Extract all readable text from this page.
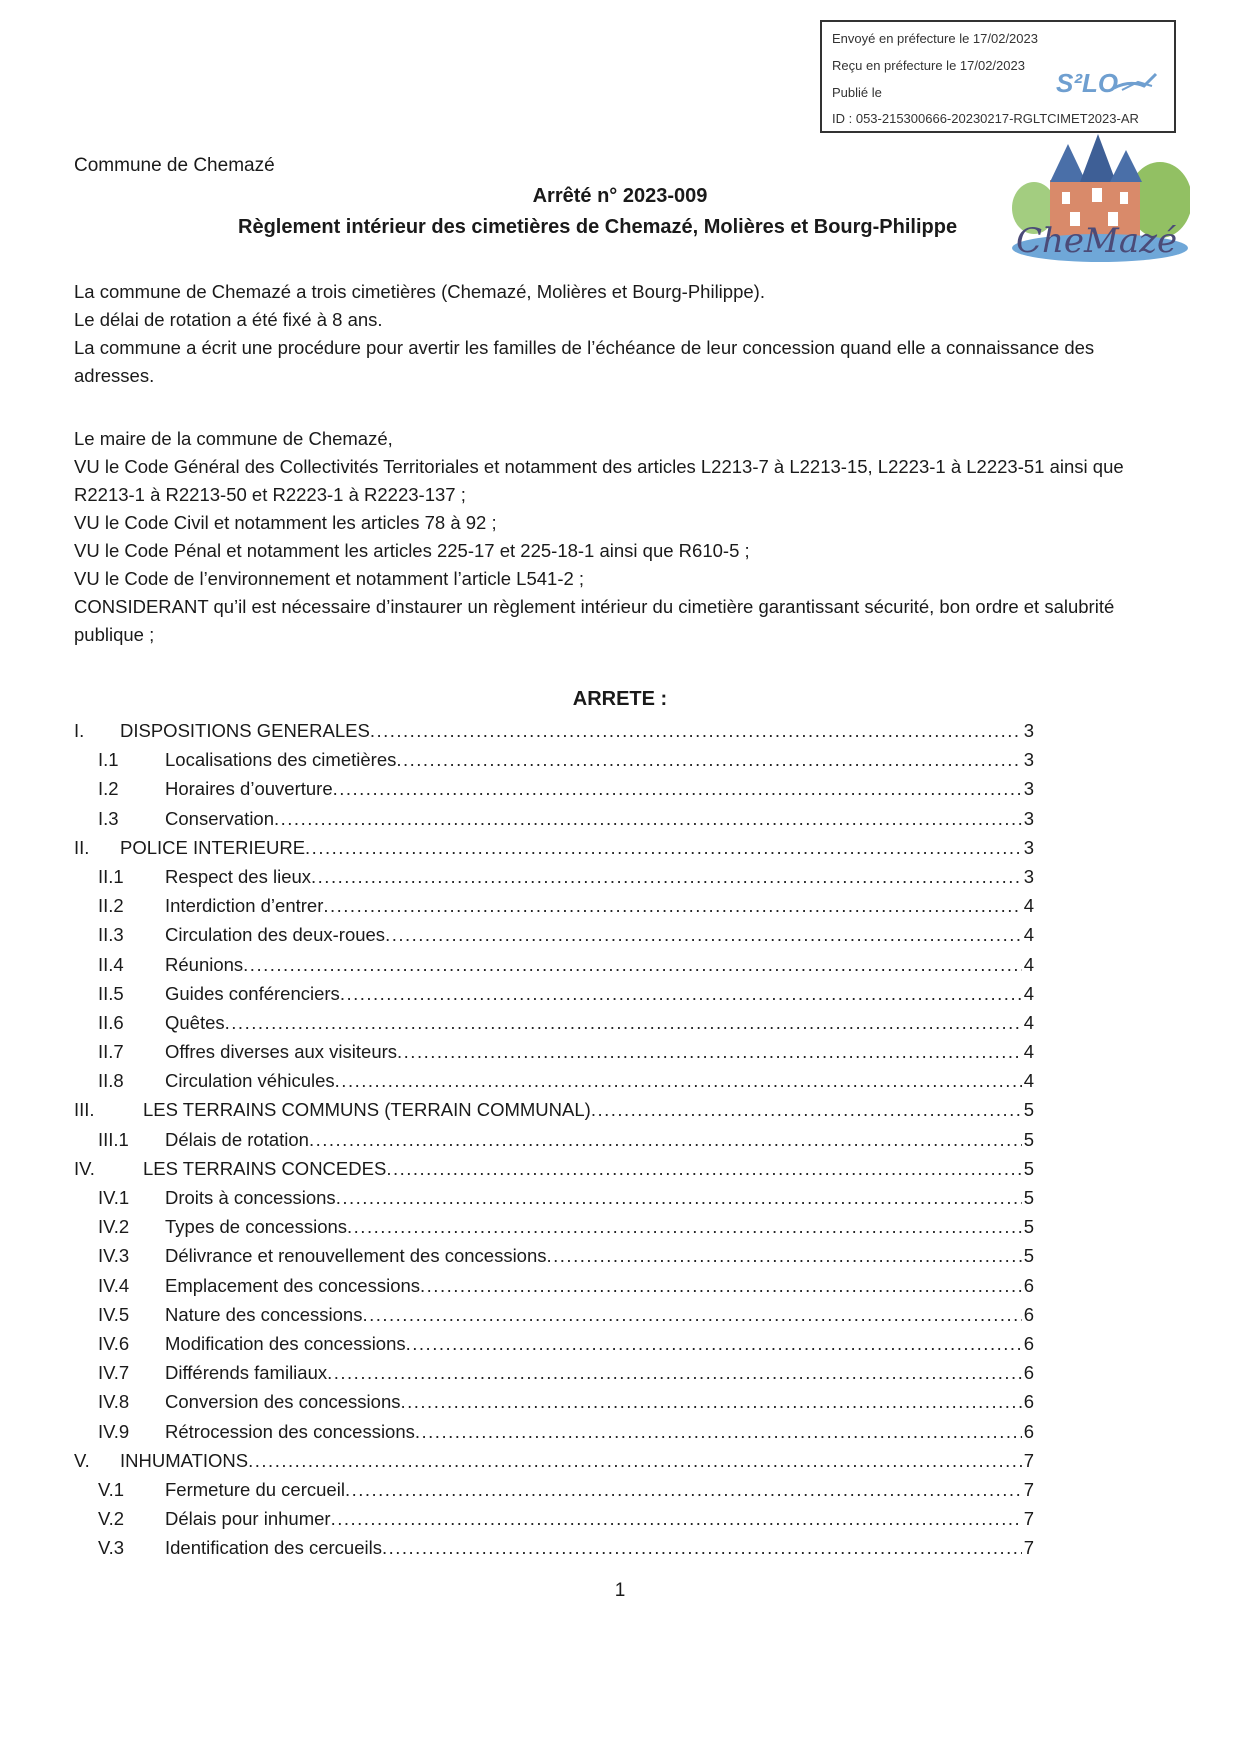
Envoyé en préfecture le 17/02/2023
Reçu en préfecture le 17/02/2023
Publié le
ID : 053-215300666-20230217-RGLTCIMET2023-AR
S²LO
Commune de Chemazé
Arrêté n° 2023-009
Règlement intérieur des cimetières de Chemazé, Molières et Bourg-Philippe CheMazé
La commune de Chemazé a trois cimetières (Chemazé, Molières et Bourg-Philippe).
Le délai de rotation a été fixé à 8 ans.
La commune a écrit une procédure pour avertir les familles de l’échéance de leur concession quand elle a connaissance des adresses.
Le maire de la commune de Chemazé,
VU le Code Général des Collectivités Territoriales et notamment des articles L2213-7 à L2213-15, L2223-1 à L2223-51 ainsi que R2213-1 à R2213-50 et R2223-1 à R2223-137 ;
VU le Code Civil et notamment les articles 78 à 92 ;
VU le Code Pénal et notamment les articles 225-17 et 225-18-1 ainsi que R610-5 ;
VU le Code de l’environnement et notamment l’article L541-2 ;
CONSIDERANT qu’il est nécessaire d’instaurer un règlement intérieur du cimetière garantissant sécurité, bon ordre et salubrité publique ;
ARRETE :
I. DISPOSITIONS GENERALES .....	3
I.1	Localisations des cimetières .....	3
I.2	Horaires d’ouverture .....	3
I.3	Conservation .....	3
II. POLICE INTERIEURE .....	3
II.1 Respect des lieux .....	3
II.2 Interdiction d’entrer .....	4
II.3 Circulation des deux-roues .....	4
II.4 Réunions .....	4
II.5 Guides conférenciers .....	4
II.6 Quêtes .....	4
II.7 Offres diverses aux visiteurs .....	4
II.8 Circulation véhicules .....	4
III.	LES TERRAINS COMMUNS (TERRAIN COMMUNAL) .....	5
III.1 Délais de rotation .....	5
IV.	LES TERRAINS CONCEDES .....	5
IV.1 Droits à concessions .....	5
IV.2 Types de concessions .....	5
IV.3 Délivrance et renouvellement des concessions .....	5
IV.4 Emplacement des concessions .....	6
IV.5 Nature des concessions .....	6
IV.6 Modification des concessions .....	6
IV.7 Différends familiaux .....	6
IV.8 Conversion des concessions .....	6
IV.9 Rétrocession des concessions .....	6
V. INHUMATIONS .....	7
V.1 Fermeture du cercueil .....	7
V.2 Délais pour inhumer .....	7
V.3 Identification des cercueils .....	7
1
